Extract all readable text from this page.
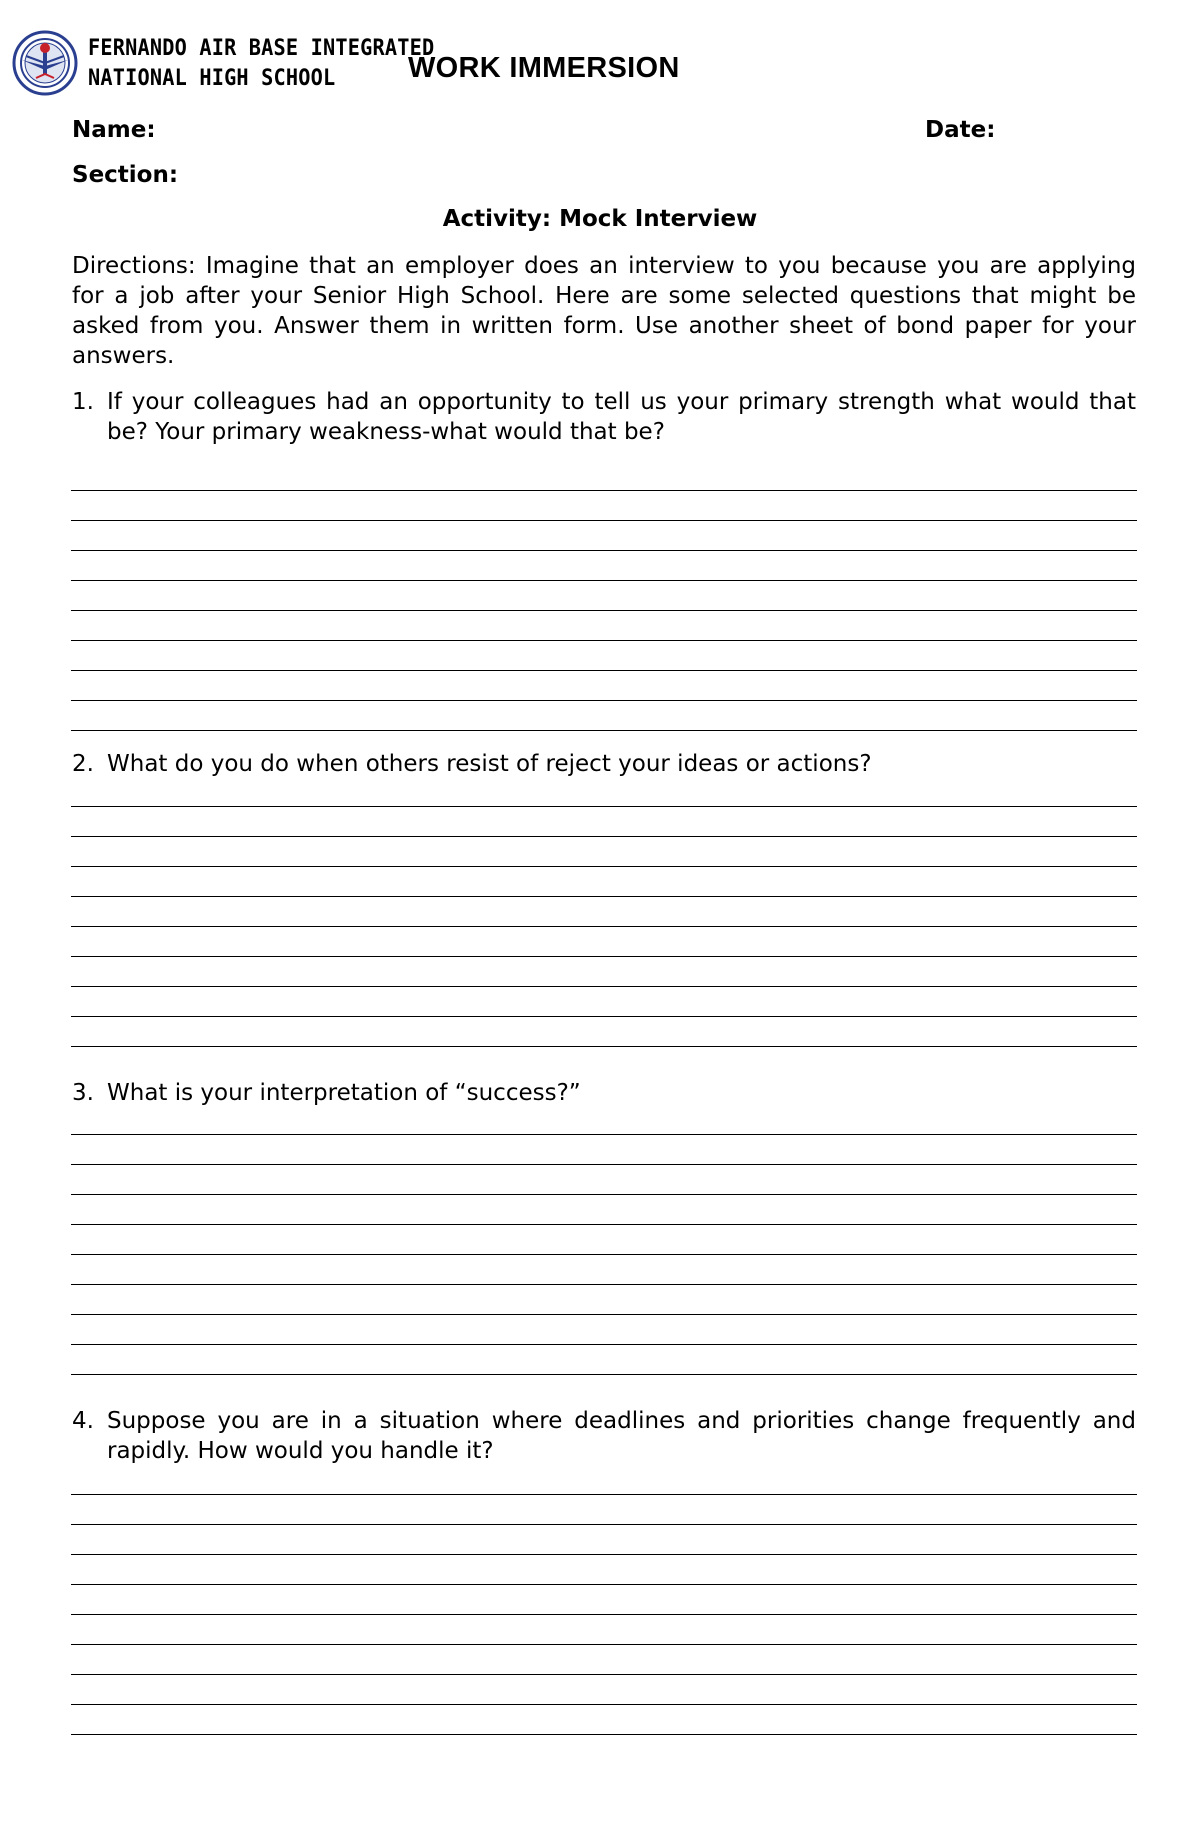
FERNANDO AIR BASE INTEGRATED
NATIONAL HIGH SCHOOL	WORK IMMERSION
Name:	Date:
Section:
Activity: Mock Interview
Directions: Imagine that an employer does an interview to you because you are applying for a job after your Senior High School. Here are some selected questions that might be asked from you. Answer them in written form. Use another sheet of bond paper for your answers.
1. If your colleagues had an opportunity to tell us your primary strength what would that be? Your primary weakness-what would that be?
2. What do you do when others resist of reject your ideas or actions?
3. What is your interpretation of “success?”
4. Suppose you are in a situation where deadlines and priorities change frequently and rapidly. How would you handle it?
